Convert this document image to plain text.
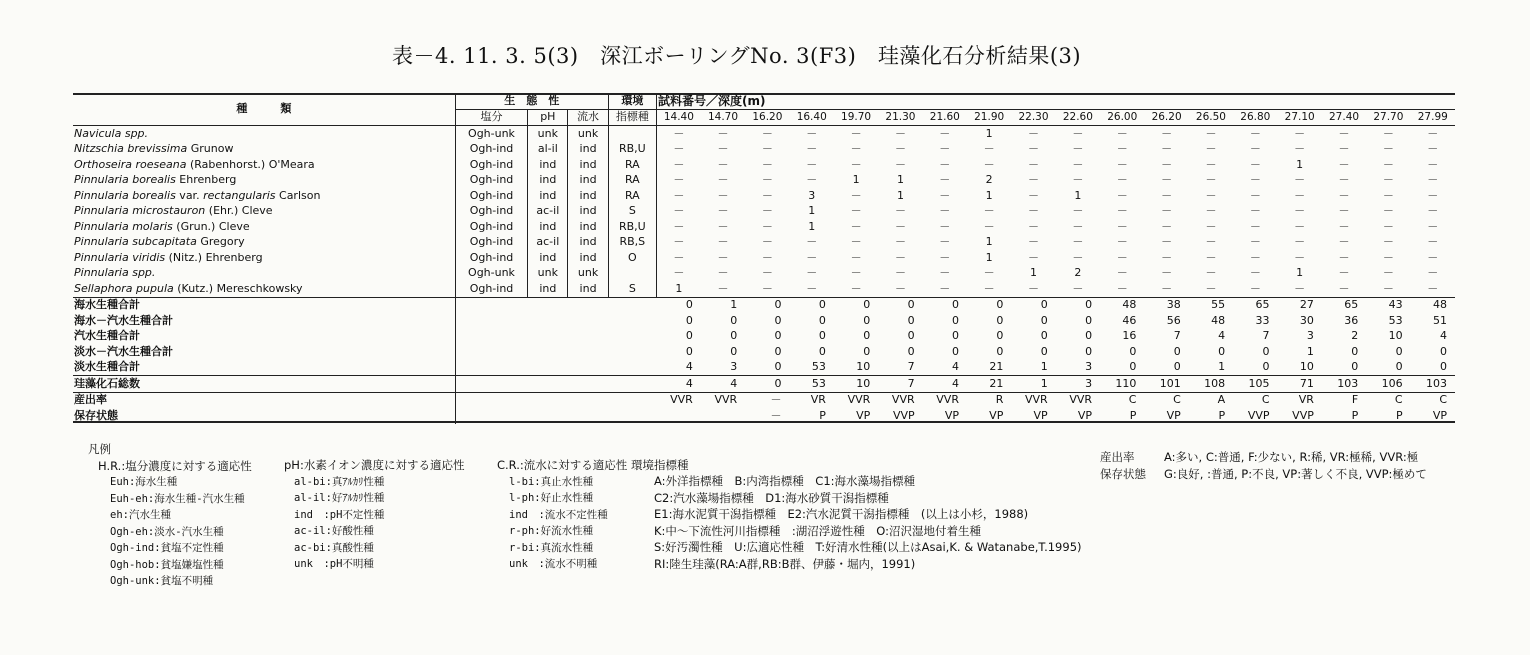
表－4. 11. 3. 5(3)　深江ボーリングNo. 3(F3)　珪藻化石分析結果(3)
種　　　類	生　態　性			環境	試料番号／深度(m)																	
	塩分	pH	流水	指標種	14.40	14.70	16.20	16.40	19.70	21.30	21.60	21.90	22.30	22.60	26.00	26.20	26.50	26.80	27.10	27.40	27.70	27.99
Navicula spp.	Ogh-unk	unk	unk		－	－	－	－	－	－	－	1	－	－	－	－	－	－	－	－	－	－
Nitzschia brevissima Grunow	Ogh-ind	al-il	ind	RB,U	－	－	－	－	－	－	－	－	－	－	－	－	－	－	－	－	－	－
Orthoseira roeseana (Rabenhorst.) O'Meara	Ogh-ind	ind	ind	RA	－	－	－	－	－	－	－	－	－	－	－	－	－	－	1	－	－	－
Pinnularia borealis Ehrenberg	Ogh-ind	ind	ind	RA	－	－	－	－	1	1	－	2	－	－	－	－	－	－	－	－	－	－
Pinnularia borealis var. rectangularis Carlson	Ogh-ind	ind	ind	RA	－	－	－	3	－	1	－	1	－	1	－	－	－	－	－	－	－	－
Pinnularia microstauron (Ehr.) Cleve	Ogh-ind	ac-il	ind	S	－	－	－	1	－	－	－	－	－	－	－	－	－	－	－	－	－	－
Pinnularia molaris (Grun.) Cleve	Ogh-ind	ind	ind	RB,U	－	－	－	1	－	－	－	－	－	－	－	－	－	－	－	－	－	－
Pinnularia subcapitata Gregory	Ogh-ind	ac-il	ind	RB,S	－	－	－	－	－	－	－	1	－	－	－	－	－	－	－	－	－	－
Pinnularia viridis (Nitz.) Ehrenberg	Ogh-ind	ind	ind	O	－	－	－	－	－	－	－	1	－	－	－	－	－	－	－	－	－	－
Pinnularia spp.	Ogh-unk	unk	unk		－	－	－	－	－	－	－	－	1	2	－	－	－	－	1	－	－	－
Sellaphora pupula (Kutz.) Mereschkowsky	Ogh-ind	ind	ind	S	1	－	－	－	－	－	－	－	－	－	－	－	－	－	－	－	－	－
海水生種合計					0	1	0	0	0	0	0	0	0	0	48	38	55	65	27	65	43	48
海水－汽水生種合計					0	0	0	0	0	0	0	0	0	0	46	56	48	33	30	36	53	51
汽水生種合計					0	0	0	0	0	0	0	0	0	0	16	7	4	7	3	2	10	4
淡水－汽水生種合計					0	0	0	0	0	0	0	0	0	0	0	0	0	0	1	0	0	0
淡水生種合計					4	3	0	53	10	7	4	21	1	3	0	0	1	0	10	0	0	0
珪藻化石総数					4	4	0	53	10	7	4	21	1	3	110	101	108	105	71	103	106	103
産出率					VVR	VVR	－	VR	VVR	VVR	VVR	R	VVR	VVR	C	C	A	C	VR	F	C	C
保存状態							－	P	VP	VVP	VP	VP	VP	VP	P	VP	P	VVP	VVP	P	P	VP
凡例
H.R.:塩分濃度に対する適応性
Euh:海水生種
Euh-eh:海水生種-汽水生種
eh:汽水生種
Ogh-eh:淡水-汽水生種
Ogh-ind:貧塩不定性種
Ogh-hob:貧塩嫌塩性種
Ogh-unk:貧塩不明種
pH:水素イオン濃度に対する適応性
al-bi:真ｱﾙｶﾘ性種
al-il:好ｱﾙｶﾘ性種
ind　:pH不定性種
ac-il:好酸性種
ac-bi:真酸性種
unk　:pH不明種
C.R.:流水に対する適応性 環境指標種
l-bi:真止水性種
l-ph:好止水性種
ind　:流水不定性種
r-ph:好流水性種
r-bi:真流水性種
unk　:流水不明種
A:外洋指標種　B:内湾指標種　C1:海水藻場指標種
C2:汽水藻場指標種　D1:海水砂質干潟指標種
E1:海水泥質干潟指標種　E2:汽水泥質干潟指標種　(以上は小杉，1988)
K:中～下流性河川指標種　:湖沼浮遊性種　O:沼沢湿地付着生種
S:好汚濁性種　U:広適応性種　T:好清水性種(以上はAsai,K. & Watanabe,T.1995)
RI:陸生珪藻(RA:A群,RB:B群、伊藤・堀内，1991)
産出率	A:多い, C:普通, F:少ない, R:稀, VR:極稀, VVR:極
保存状態 G:良好, :普通, P:不良, VP:著しく不良, VVP:極めて
